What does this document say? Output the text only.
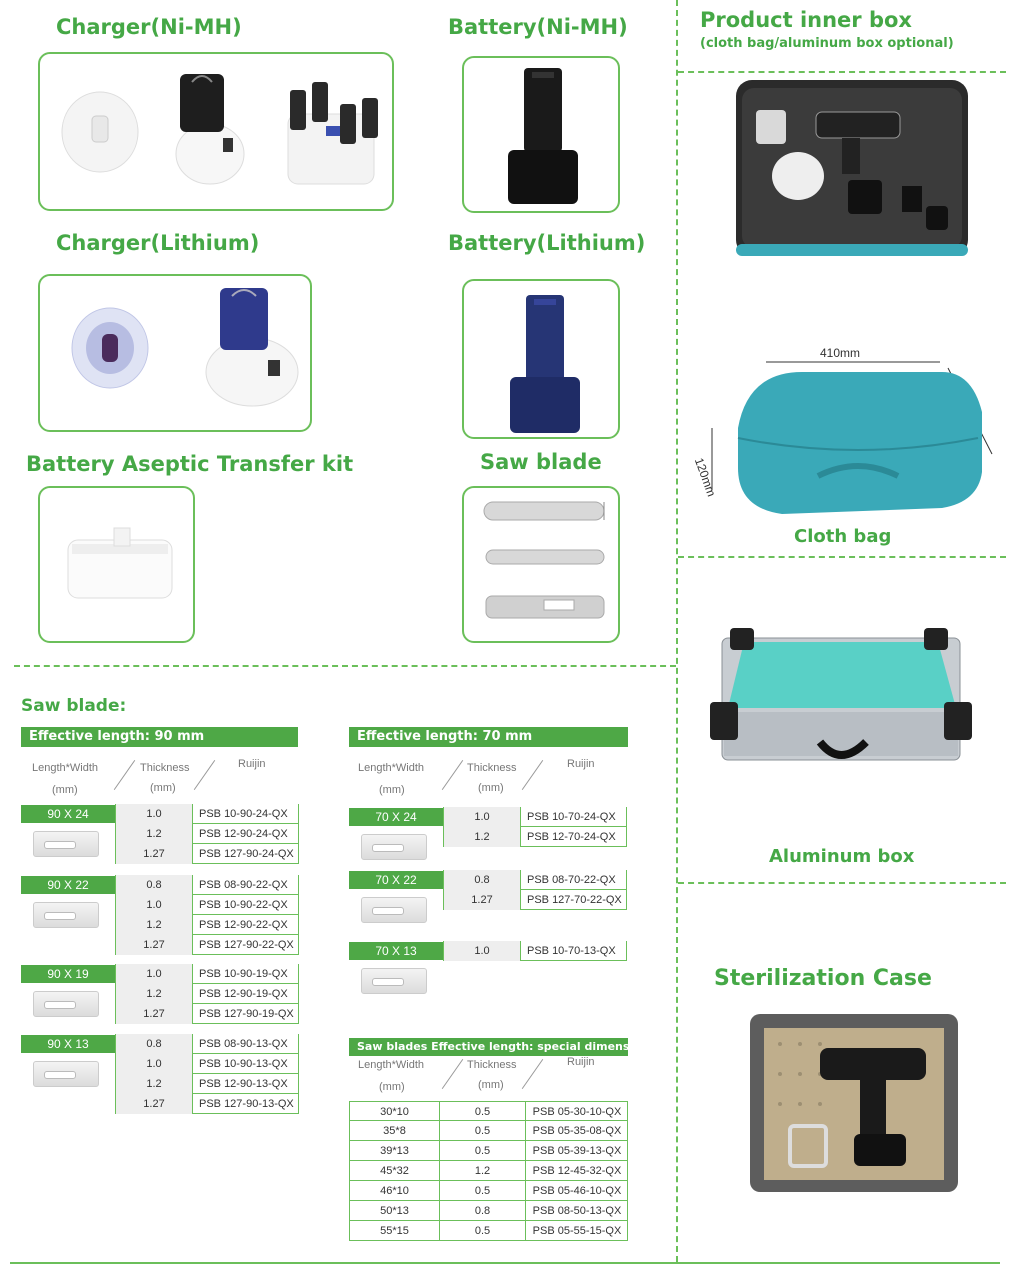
Charger(Ni-MH)	Battery(Ni-MH)	Product inner box
(cloth bag/aluminum box optional)
Charger(Lithium)	Battery(Lithium)
Battery Aseptic Transfer kit	Saw blade
Cloth bag
Aluminum box
Sterilization Case
Saw blade:
410mm
120mm
Effective length: 90 mm
Length*Width
(mm)
Thickness
(mm)
Ruijin
90 X 24	1.0	PSB 10-90-24-QX
1.2	PSB 12-90-24-QX
1.27	PSB 127-90-24-QX
90 X 22	0.8	PSB 08-90-22-QX
1.0	PSB 10-90-22-QX
1.2	PSB 12-90-22-QX
1.27	PSB 127-90-22-QX
90 X 19	1.0	PSB 10-90-19-QX
1.2	PSB 12-90-19-QX
1.27	PSB 127-90-19-QX
90 X 13	0.8	PSB 08-90-13-QX
1.0	PSB 10-90-13-QX
1.2	PSB 12-90-13-QX
1.27	PSB 127-90-13-QX
Effective length: 70 mm
Length*Width
(mm)
Thickness
(mm)
Ruijin
70 X 24	1.0	PSB 10-70-24-QX
1.2	PSB 12-70-24-QX
70 X 22	0.8	PSB 08-70-22-QX
1.27	PSB 127-70-22-QX
70 X 13	1.0	PSB 10-70-13-QX
Saw blades Effective length: special dimension
Length*Width
(mm)
Thickness
(mm)
Ruijin
30*10	0.5	PSB 05-30-10-QX
35*8	0.5	PSB 05-35-08-QX
39*13	0.5	PSB 05-39-13-QX
45*32	1.2	PSB 12-45-32-QX
46*10	0.5	PSB 05-46-10-QX
50*13	0.8	PSB 08-50-13-QX
55*15	0.5	PSB 05-55-15-QX
